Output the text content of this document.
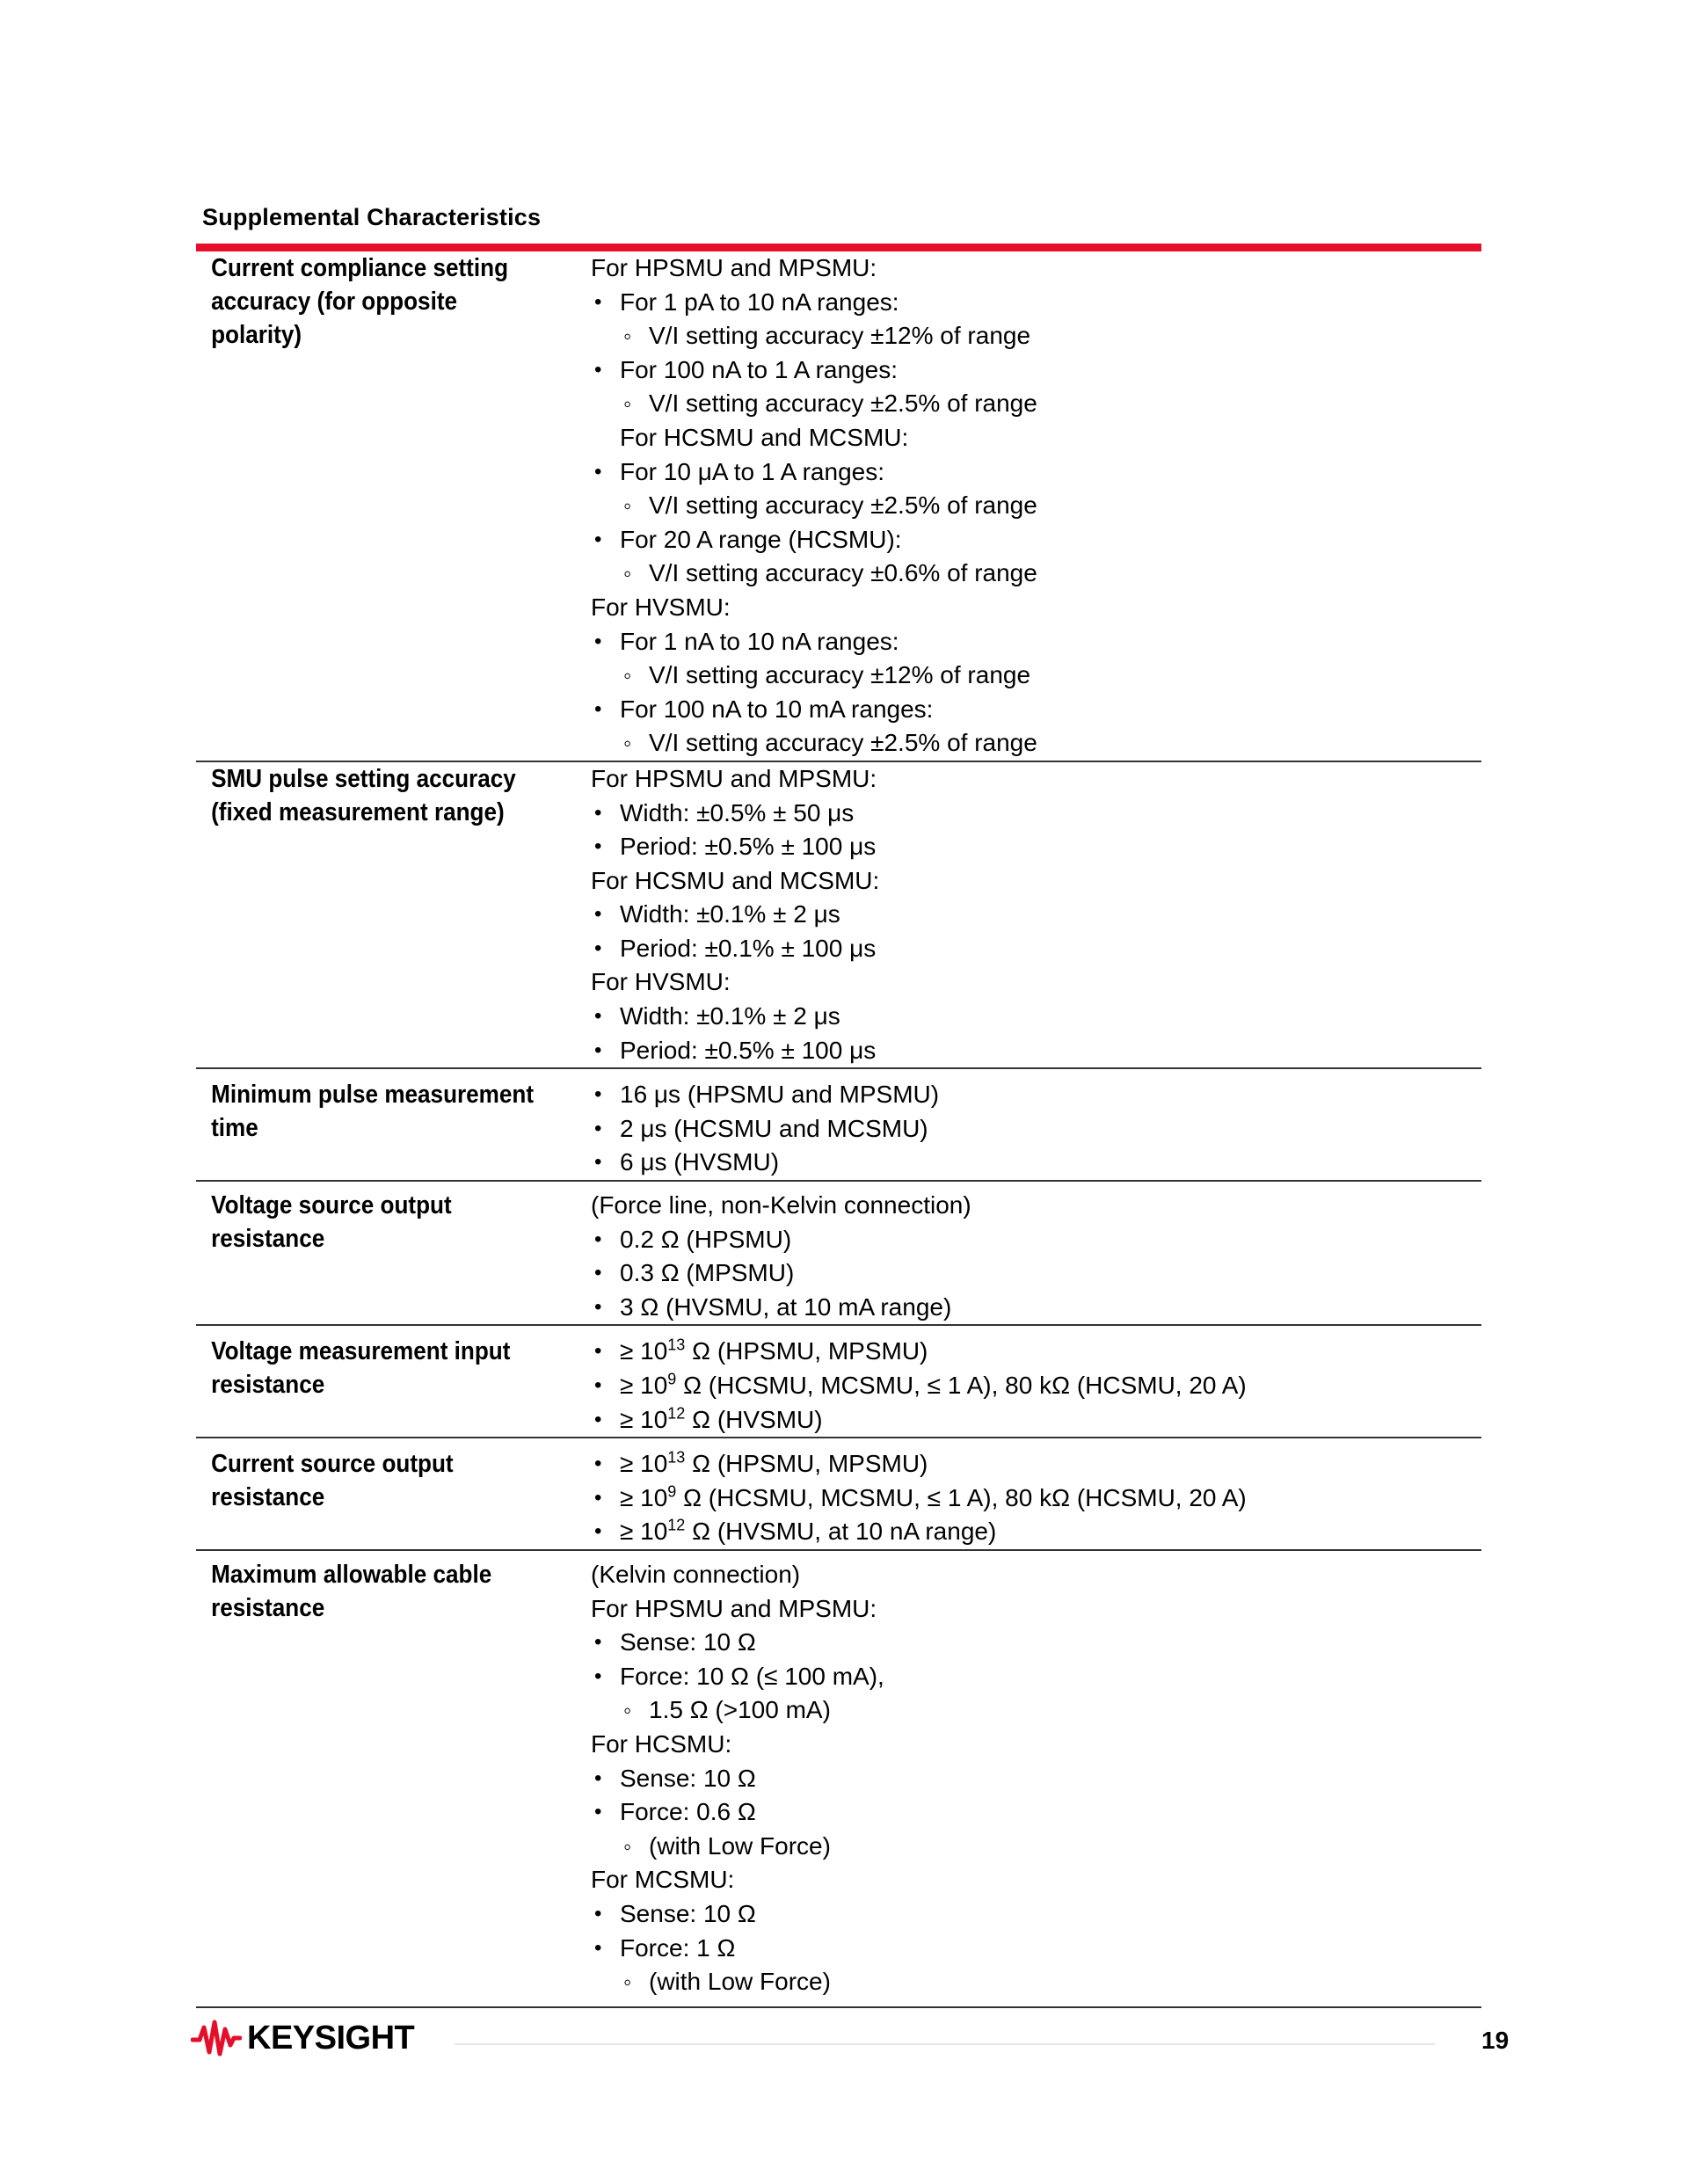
Supplemental Characteristics
Current compliance setting accuracy (for opposite polarity)
For HPSMU and MPSMU:
• For 1 pA to 10 nA ranges:
◦ V/I setting accuracy ±12% of range
• For 100 nA to 1 A ranges:
◦ V/I setting accuracy ±2.5% of range
For HCSMU and MCSMU:
• For 10 μA to 1 A ranges:
◦ V/I setting accuracy ±2.5% of range
• For 20 A range (HCSMU):
◦ V/I setting accuracy ±0.6% of range
For HVSMU:
• For 1 nA to 10 nA ranges:
◦ V/I setting accuracy ±12% of range
• For 100 nA to 10 mA ranges:
◦ V/I setting accuracy ±2.5% of range
SMU pulse setting accuracy (fixed measurement range)
For HPSMU and MPSMU:
• Width: ±0.5% ± 50 μs
• Period: ±0.5% ± 100 μs
For HCSMU and MCSMU:
• Width: ±0.1% ± 2 μs
• Period: ±0.1% ± 100 μs
For HVSMU:
• Width: ±0.1% ± 2 μs
• Period: ±0.5% ± 100 μs
Minimum pulse measurement time
• 16 μs (HPSMU and MPSMU)
• 2 μs (HCSMU and MCSMU)
• 6 μs (HVSMU)
Voltage source output resistance
(Force line, non-Kelvin connection)
• 0.2 Ω (HPSMU)
• 0.3 Ω (MPSMU)
• 3 Ω (HVSMU, at 10 mA range)
Voltage measurement input resistance
• ≥ $10^{13}$ Ω (HPSMU, MPSMU)
• ≥ $10^9$ Ω (HCSMU, MCSMU, ≤ 1 A), 80 kΩ (HCSMU, 20 A)
• ≥ $10^{12}$ Ω (HVSMU)
Current source output resistance
• ≥ $10^{13}$ Ω (HPSMU, MPSMU)
• ≥ $10^9$ Ω (HCSMU, MCSMU, ≤ 1 A), 80 kΩ (HCSMU, 20 A)
• ≥ $10^{12}$ Ω (HVSMU, at 10 nA range)
Maximum allowable cable resistance
(Kelvin connection)
For HPSMU and MPSMU:
• Sense: 10 Ω
• Force: 10 Ω (≤ 100 mA),
◦ 1.5 Ω (>100 mA)
For HCSMU:
• Sense: 10 Ω
• Force: 0.6 Ω
◦ (with Low Force)
For MCSMU:
• Sense: 10 Ω
• Force: 1 Ω
◦ (with Low Force)
KEYSIGHT	19
